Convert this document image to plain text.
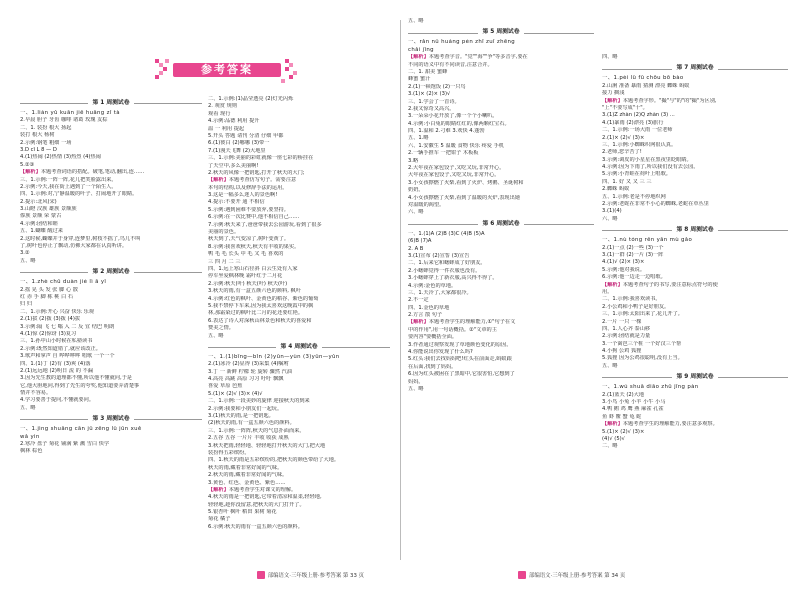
参考答案
第 1 周测试卷
一、1.lián yǔ kuān jiē huāng zǐ tà
2.早晨 胆子 牙齿 咖啡 诸葛 玫瑰 友棕
二、1. 装扮 根大 扬起
装打 根大 杨树
2.示例:钢笔 粗细 一场
3.D cǐ L 8 — D
4.(1)热闹 (2)热情 (3)热烈 (4)热闹
5.②③
【解析】本题考查词语的搭配。破笔,笔动,翻出,连……
三、1.示例:一阵一阵,花儿把笑脸露出来。
2.示例:今天,我在街上遇到了一个陌生人。
四、1.示例:对,宁静温暖的叶子、打闹地开了眼睛。
2.提示:北风(宋)
3.山瞪 汉族 雄族 景颇族
傣族 景颇 荣 蒙古
4.示例:团结和睦
五、1.蝴蝶 醒过来
2.这时候,蝴蝶并于身穿,连梦里,树枝不摇了,鸟儿不叫
了,树叶也停止了飘动,仿佛大家都在认真听讲。
3.②
五、略
第 2 周测试卷
一、1.zhè chū duàn jié lì ā yǐ
2.摇 晃 头 发 张 脚 心 散
红 赤 手 脚 栋 桃 白 石
归 归
二、1.示例:开心 兴奋 快乐 乐观
2.(1)拔 (2)拨 (3)拨 (4)拔
3.示例:隔 飞 七 嗡 入 二 反 宜 结巴 明朗
4.(1)惊 (2)惊讶 (3)复习
三、1.孙中山小时候在私塾读书
2.示例:既然知道错了,就应该改正。
3.歌声和掌声 自 哗哗哗哗 唱歌 一个一个
四、1.(1)丁 (2)有 (3)爽 (4)落
2.(1)远远地 (2)明日 流 的 不漏
3.因为先生教的道理都不懂,所以他不懂就问,于是
它,他大胆地问,得到了先生的夸奖,他知道要弄清楚事
情并不容易。
4.学习要善于提问,不懂就要问。
五、略
第 3 周测试卷
一、1.jìng shuāng cān jū zēng lǜ jūn xuě
wǎ yìn
2.寒冷 盘子 菊花 铺满 紫 溅 雪白 快学
枫林 棕色
二、1.示例:(1)晶莹透亮 (2)灯光闪烁
2. 观赏 规则
观看 现行
4.示例:品德 利用 提升
温 一 利用 提起
5.开头 答题 请刊 分清 仔细 甲都
6.(1)彼白 (2)哪哪 (3)带一
7.(1)漫天飞舞 (2)大地里
三、1.示例:美丽的彩虹就像一座七彩的桥挂在
了天空中,多么美丽啊!
2.秋天的风像一把钥匙,打开了秋天的大门;
【解析】本题考查仿写句子。需要注意
本句的结构,以及修辞手法的运用。
3.这是一幅多么迷人的景色啊!
4.提示:不要开 通 不相信
5.示例:遇到困难不要放弃,要坚持。
6.示例:在一次比赛中,他不相信自己……
7.示例:秋天来了,爸爸带我去公园游玩,看到了很多
美丽的景色。
秋天到了,天气变凉了,树叶变黄了。
8.示例:我喜欢秋天,秋天有丰收的果实。
鸭 毛 毛 长头 中 毛 又 毛 喜欢的
三 四 月 二 三
四、1.远上寒山石径斜 白云生处有人家
停车坐爱枫林晚 霜叶红于二月花
2.示例:秋天(叶) 秋天(叶) 秋天(叶)
3.秋天的雨,有一盒五颜六色的颜料, 枫叶
4.示例:红色的枫叶、金黄色的稻谷、紫色的葡萄
5.我不禁停下车来,因为我太喜欢这晚霞中的枫
林,那霜染过的枫叶比二月的花还要红艳。
6.表达了诗人对深秋山林景色和秋天的喜爱和
赞美之情。
五、略
第 4 周测试卷
一、1.(1)bīng—bǐn (2)yūn—yùn (3)yǔn—yǔn
2.(1)冰冷 (2)显得 (3)采集 (4)嘱咐
3.丁 一 新鲜 柠檬 轮 旋转 骤然 汽油
4.高亮 高跳 高原 习习 吁吁 飘飘
喜爱 草原 芭蕉
5.(1)× (2)√ (3)× (4)√
二、1.示例:一段美妙的旋律 迎接秋天的到来
2.示例:我要和小朋友们一起玩。
3.(1)秋天的雨,是一把钥匙。
(2)秋天的雨,有一盒五颜六色的颜料。
三、1.示例:一阵阵,秋天的气息扑面而来。
2.五谷 五谷 一片片 丰收 收获 成熟
3.秋天把雨,轻轻地、轻轻地打开秋天的大门,把大地
装扮得五彩缤纷。
四、1.秋天的雨是五彩缤纷的,把秋天的颜色带给了大地。
秋天的雨,藏着非常好闻的气味。
2.秋天的雨,藏着非常好闻的气味。
3.黄色、红色、金黄色、紫色……
【解析】本题考查学生对课文的理解。
4.秋天的雨是一把钥匙,它带着清凉和温柔,轻轻地,
轻轻地,趁你没留意,把秋天的大门打开了。
5.银杏叶 枫叶 稻田 果树 菊花
菊花 橘子
6.示例:秋天的雨有一盒五颜六色的颜料。
部编语文·三年级上册·参考答案 第 33 页
五、略
第 5 周测试卷
一、rǎn nǚ huáng pén zhī zuǐ zhēng
chǎi jīng
【解析】本题考查字音。"觉""海""争"等多音字,要在
不同的语义中有不同读音,注意合并。
二、1. 甜美 蜜蜂
蜂蜜 蜜汁
2.(1)一顿饱饭 (2)一只鸟
3.(1)× (2)× (3)√
三、1.学会了一首诗。
2.我又惊奇又高兴。
3.一朵朵小花开放了,像一个个小喇叭。
4.示例:小白兔的眼睛红红的,像两颗红宝石。
四、1.温和 2.刁难 3.欢快 4.蓬勃
五、1.略
六、1.安徽生 5 温暖 食物 快乐 疼爱 手机
2.一辆手推车 一把钳子 木板板
3.略
2.大年夜在家包饺子,又吃又玩,非常开心。
大年夜在家包饺子,又吃又玩,非常开心。
3.小女孩擦燃了火柴,看到了火炉、烤鹅、圣诞树和
奶奶。
4.小女孩擦燃了火柴,看到了温暖的火炉,表现出她
对温暖的渴望。
六、略
第 6 周测试卷
一、1.(1)A (2)B (3)C (4)B (5)A
(6)B (7)A
2. A B
3.(1)宣布 (2)宣誓 (3)宣告
二、1.后来它和蟋蟀成了好朋友。
2.小蟋蟀觉得一件衣服也没有。
3.小蟋蟀穿上了新衣服,高兴得不得了。
4.示例:金色的草地。
三、1.天冷了,大家都很冷。
2.不一定
四、1.金色的草地
2.方言 散 句子
【解析】本题考查学生的理解能力,①"句子在文
中的作用",用一句话概括。②"文章的主
要内容"要概括全面。
3.作者通过观察发现了草地颜色变化的原因。
4.你能说出你发现了什么吗?
5.红头:我们去找妈妈吧!红头在前面走,蚂蚁跟
在后面,找到了妈妈。
6.因为红头被困在了黑暗中,它很害怕,它想到了
妈妈。
五、略
四、略
第 7 周测试卷
一、1.pèi lǚ fū chōu bō bào
2.山涧 准备 暴雨 猜测 漂亮 蜘蛛 蚂蚁
接力 搁浅
【解析】本题考查字形。"撮"与"的"的"撮"为区别,
"上"不要写成"十"。
3.(1)Z zhàn (2)Q zhàn (3) ...
4.(1)暴雨 (2)漂亮 (3)旅行
二、1.示例:一场大雨 一位老师
2.(1)× (2)√ (3)×
三、1.示例:小蜘蛛织网很认真。
2.老师,您辛苦了!
3.示例:调皮的小星星在黑夜里眨眼睛。
4.示例:因为下雨了,所以我们没有去公园。
5.示例:小青蛙在荷叶上唱歌。
四、1. 好 又 又 三 三
2.蜘蛛 蚂蚁
五、1.示例:老是不停地织网
2.示例:老蛇在非常不小心的蜘蛛,老蛇在草丛里
3.(1)(4)
六、略
第 8 周测试卷
一、1.nù tóng rěn yān mù gǎo
2.(1)一点 (2)一些 (3)一个
3.(1)一群 (2)一片 (3)一阵
4.(1)√ (2)× (3)×
5.示例:他对我说。
6.示例:他一边走一边唱歌。
【解析】本题考查句子的书写,要注意标点符号的使
用。
二、1.示例:我喜欢读书。
2.小公鸡和小鸭子是好朋友。
三、1.示例:太阳出来了,花儿开了。
2.一片 一只 一棵
四、1.人心齐 泰山移
2.示例:团结就是力量
3.一个篱笆三个桩 一个好汉三个帮
4.小狗 公鸡 狐狸
5.狐狸 因为公鸡很聪明,没有上当。
五、略
第 9 周测试卷
一、1.wú shuā diāo zhū jīng pàn
2.(1)蓝天 (2)大地
3.小鸟 小兔 小羊 小牛 小马
4.鸭 鹅 鸡 鹰 燕 麻雀 孔雀
鱼 虾 鳖 蟹 龟 蛇
【解析】本题考查学生的理解能力,要注意多观察。
5.(1)× (2)√ (3)×
(4)√ (5)√
二、略
部编语文·三年级上册·参考答案 第 34 页
